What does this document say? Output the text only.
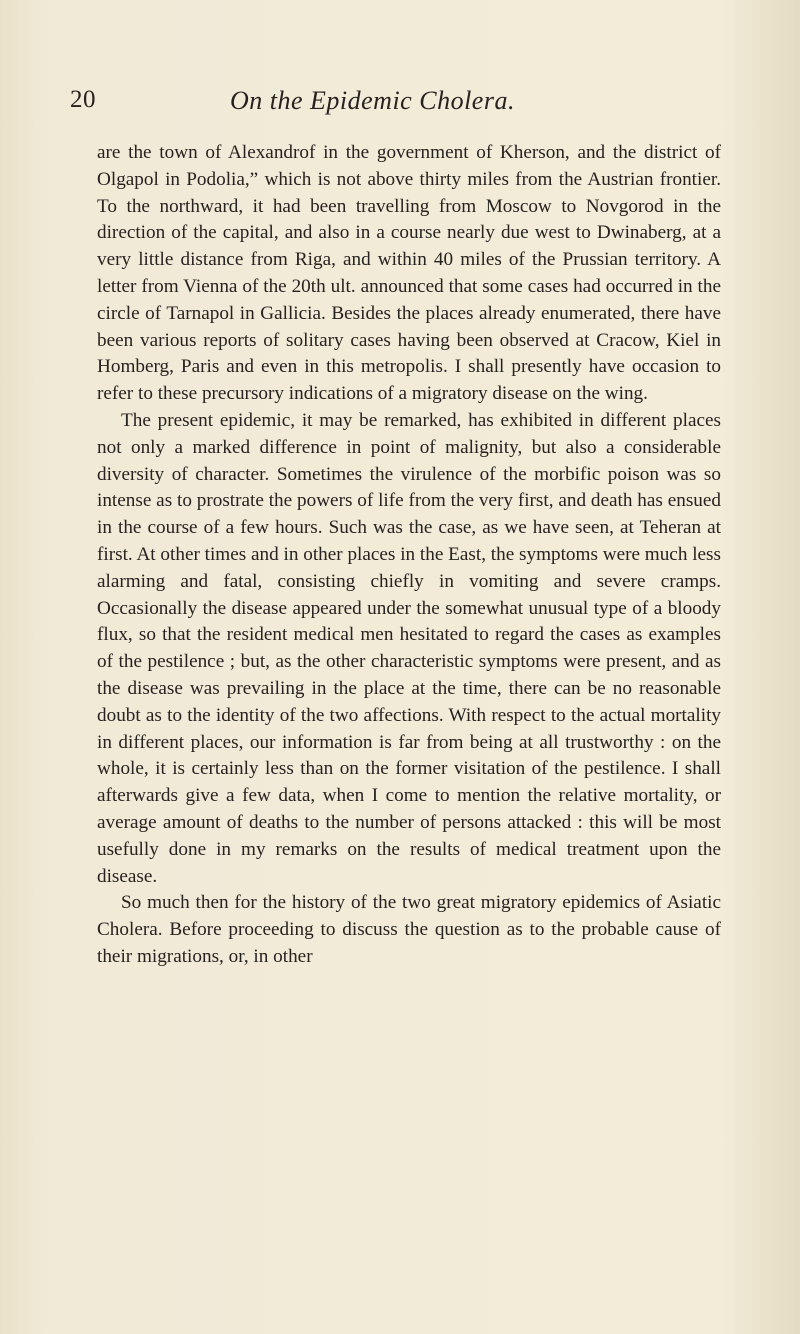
20	On the Epidemic Cholera.

are the town of Alexandrof in the government of Kherson, and the district of Olgapol in Podolia,” which is not above thirty miles from the Austrian frontier. To the northward, it had been travelling from Moscow to Novgorod in the direction of the capital, and also in a course nearly due west to Dwinaberg, at a very little distance from Riga, and within 40 miles of the Prussian territory. A letter from Vienna of the 20th ult. announced that some cases had occurred in the circle of Tarnapol in Gallicia. Besides the places already enumerated, there have been various reports of solitary cases having been observed at Cracow, Kiel in Homberg, Paris and even in this metropolis. I shall presently have occasion to refer to these precursory indications of a migratory disease on the wing.

The present epidemic, it may be remarked, has exhibited in different places not only a marked difference in point of malignity, but also a considerable diversity of character. Sometimes the virulence of the morbific poison was so intense as to prostrate the powers of life from the very first, and death has ensued in the course of a few hours. Such was the case, as we have seen, at Teheran at first. At other times and in other places in the East, the symptoms were much less alarming and fatal, consisting chiefly in vomiting and severe cramps. Occasionally the disease appeared under the somewhat unusual type of a bloody flux, so that the resident medical men hesitated to regard the cases as examples of the pestilence ; but, as the other characteristic symptoms were present, and as the disease was prevailing in the place at the time, there can be no reasonable doubt as to the identity of the two affections. With respect to the actual mortality in different places, our information is far from being at all trustworthy : on the whole, it is certainly less than on the former visitation of the pestilence. I shall afterwards give a few data, when I come to mention the relative mortality, or average amount of deaths to the number of persons attacked : this will be most usefully done in my remarks on the results of medical treatment upon the disease.

So much then for the history of the two great migratory epidemics of Asiatic Cholera. Before proceeding to discuss the question as to the probable cause of their migrations, or, in other
